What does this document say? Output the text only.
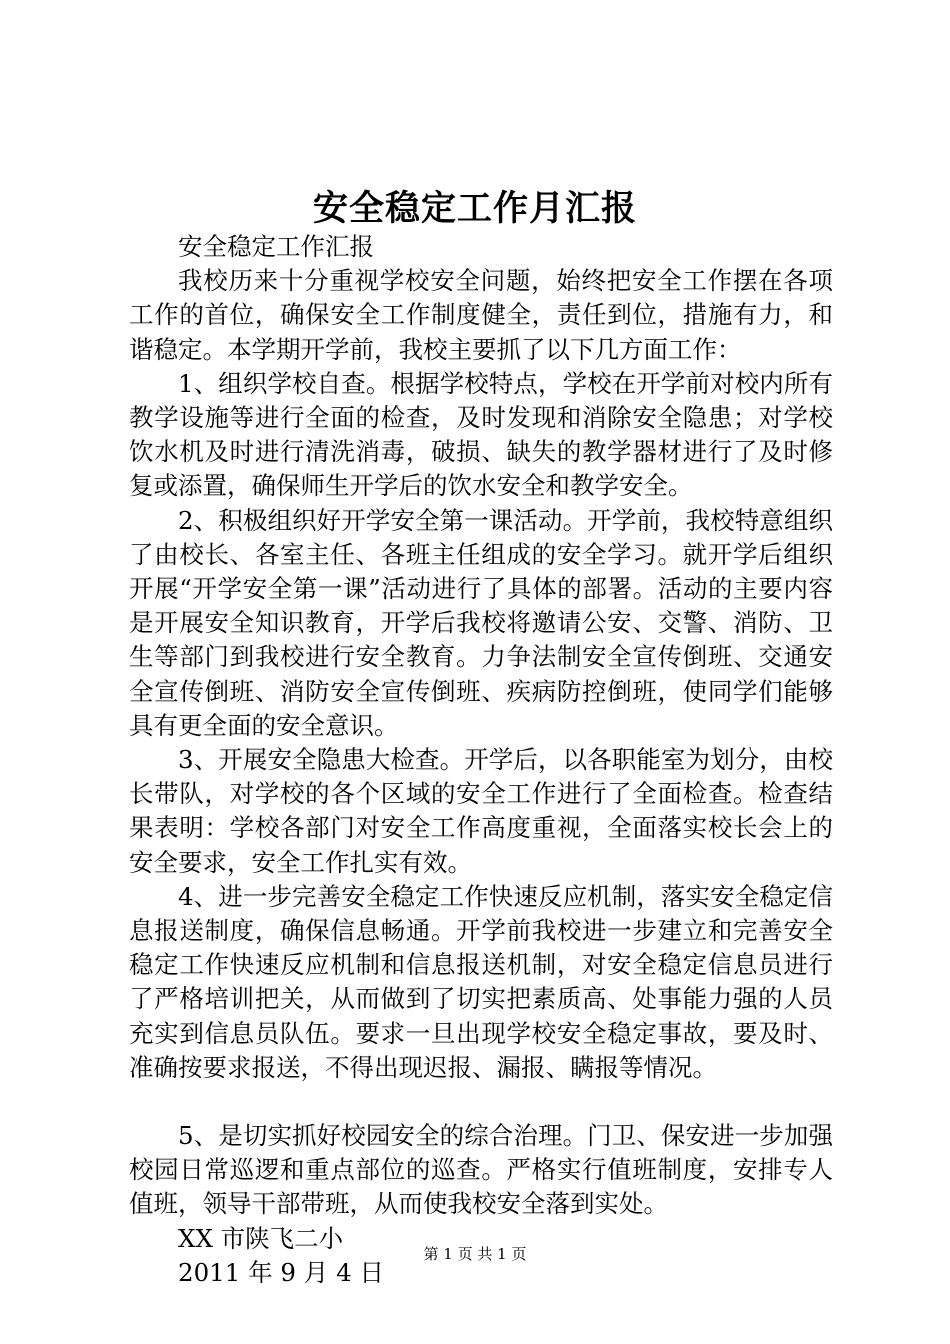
安全稳定工作月汇报

安全稳定工作汇报

我校历来十分重视学校安全问题，始终把安全工作摆在各项工作的首位，确保安全工作制度健全，责任到位，措施有力，和谐稳定。本学期开学前，我校主要抓了以下几方面工作：

1、组织学校自查。根据学校特点，学校在开学前对校内所有教学设施等进行全面的检查，及时发现和消除安全隐患；对学校饮水机及时进行清洗消毒，破损、缺失的教学器材进行了及时修复或添置，确保师生开学后的饮水安全和教学安全。

2、积极组织好开学安全第一课活动。开学前，我校特意组织了由校长、各室主任、各班主任组成的安全学习。就开学后组织开展“开学安全第一课”活动进行了具体的部署。活动的主要内容是开展安全知识教育，开学后我校将邀请公安、交警、消防、卫生等部门到我校进行安全教育。力争法制安全宣传倒班、交通安全宣传倒班、消防安全宣传倒班、疾病防控倒班，使同学们能够具有更全面的安全意识。

3、开展安全隐患大检查。开学后，以各职能室为划分，由校长带队，对学校的各个区域的安全工作进行了全面检查。检查结果表明：学校各部门对安全工作高度重视，全面落实校长会上的安全要求，安全工作扎实有效。

4、进一步完善安全稳定工作快速反应机制，落实安全稳定信息报送制度，确保信息畅通。开学前我校进一步建立和完善安全稳定工作快速反应机制和信息报送机制，对安全稳定信息员进行了严格培训把关，从而做到了切实把素质高、处事能力强的人员充实到信息员队伍。要求一旦出现学校安全稳定事故，要及时、准确按要求报送，不得出现迟报、漏报、瞒报等情况。

5、是切实抓好校园安全的综合治理。门卫、保安进一步加强校园日常巡逻和重点部位的巡查。严格实行值班制度，安排专人值班，领导干部带班，从而使我校安全落到实处。

XX 市陕飞二小

2011 年 9 月 4 日

第 1 页 共 1 页
